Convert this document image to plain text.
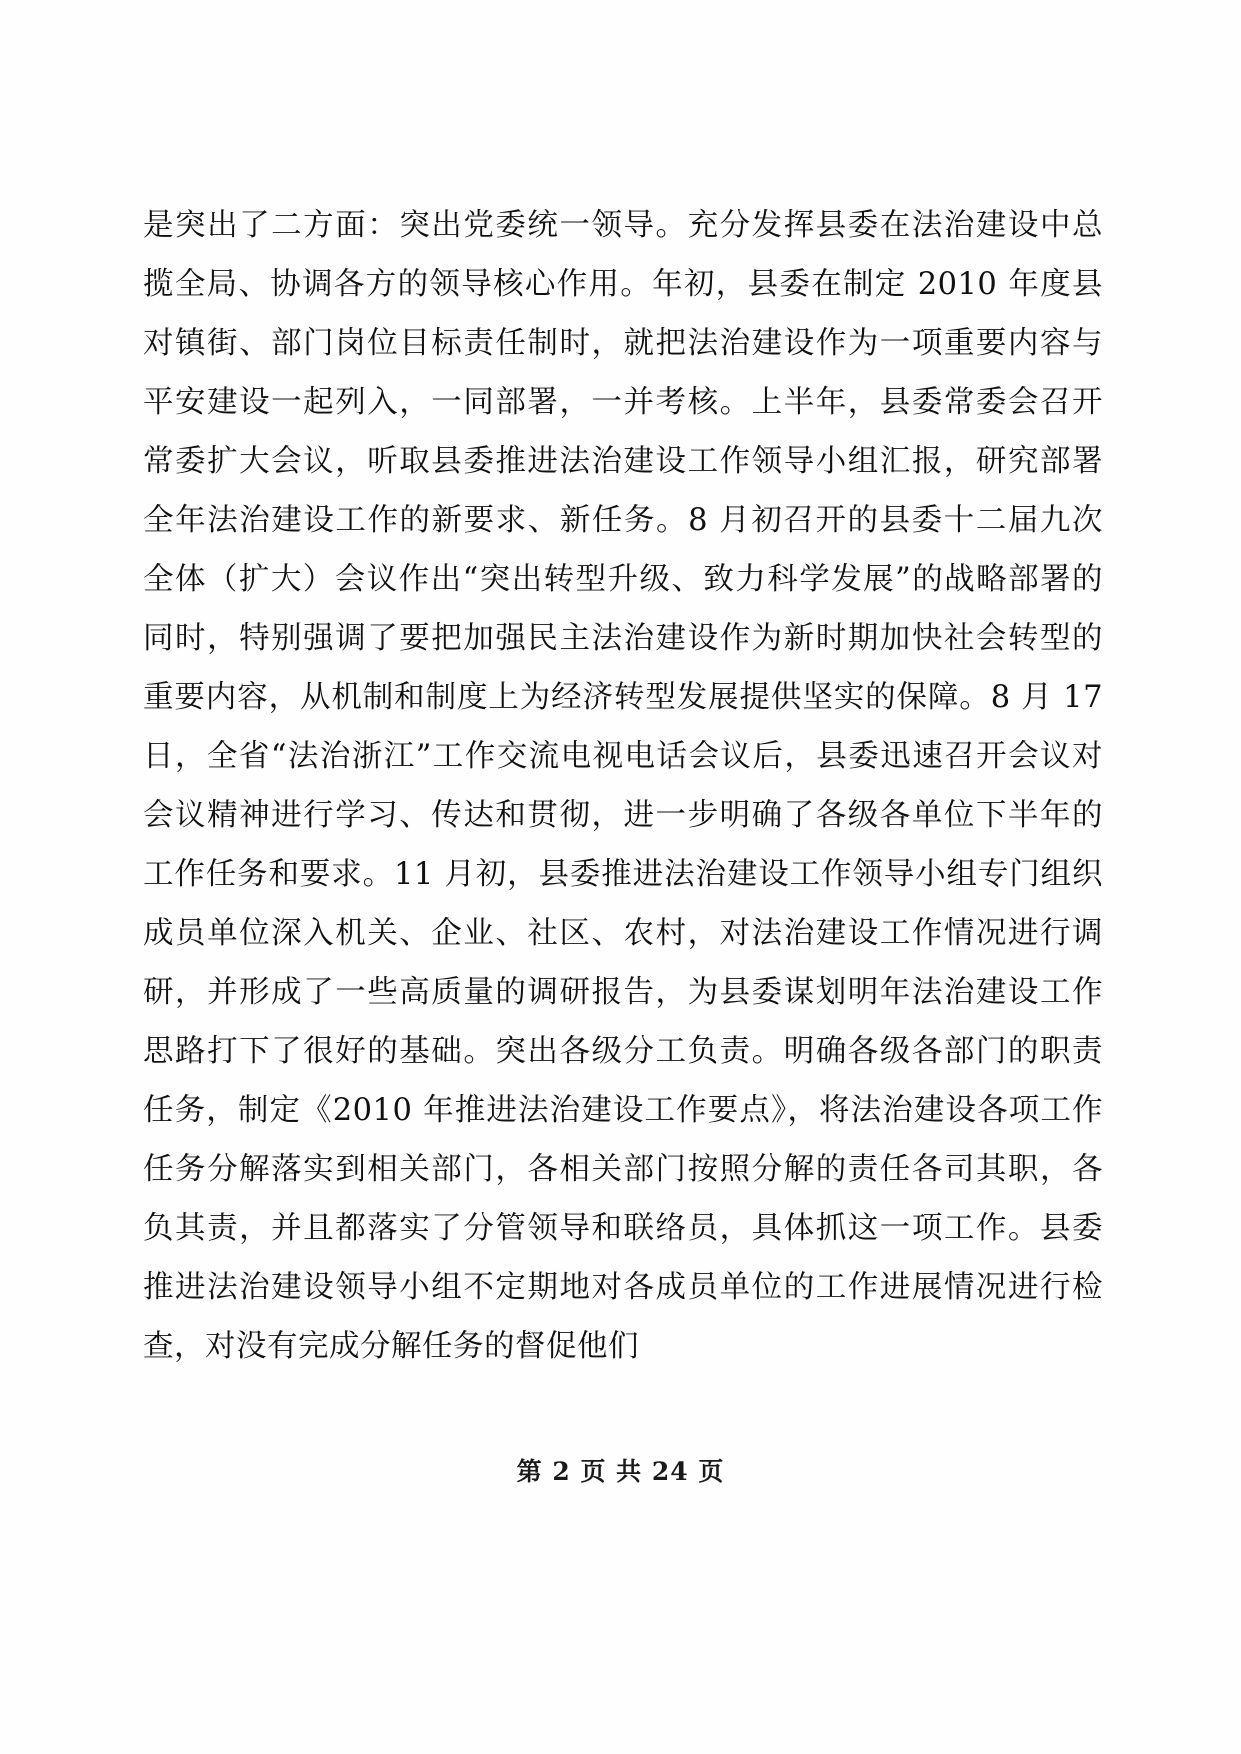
是突出了二方面：突出党委统一领导。充分发挥县委在法治建设中总揽全局、协调各方的领导核心作用。年初，县委在制定 2010 年度县对镇街、部门岗位目标责任制时，就把法治建设作为一项重要内容与平安建设一起列入，一同部署，一并考核。上半年，县委常委会召开常委扩大会议，听取县委推进法治建设工作领导小组汇报，研究部署全年法治建设工作的新要求、新任务。8 月初召开的县委十二届九次全体（扩大）会议作出“突出转型升级、致力科学发展”的战略部署的同时，特别强调了要把加强民主法治建设作为新时期加快社会转型的重要内容，从机制和制度上为经济转型发展提供坚实的保障。8 月 17 日，全省“法治浙江”工作交流电视电话会议后，县委迅速召开会议对会议精神进行学习、传达和贯彻，进一步明确了各级各单位下半年的工作任务和要求。11 月初，县委推进法治建设工作领导小组专门组织成员单位深入机关、企业、社区、农村，对法治建设工作情况进行调研，并形成了一些高质量的调研报告，为县委谋划明年法治建设工作思路打下了很好的基础。突出各级分工负责。明确各级各部门的职责任务，制定《2010 年推进法治建设工作要点》，将法治建设各项工作任务分解落实到相关部门，各相关部门按照分解的责任各司其职，各负其责，并且都落实了分管领导和联络员，具体抓这一项工作。县委推进法治建设领导小组不定期地对各成员单位的工作进展情况进行检查，对没有完成分解任务的督促他们
第 2 页 共 24 页
